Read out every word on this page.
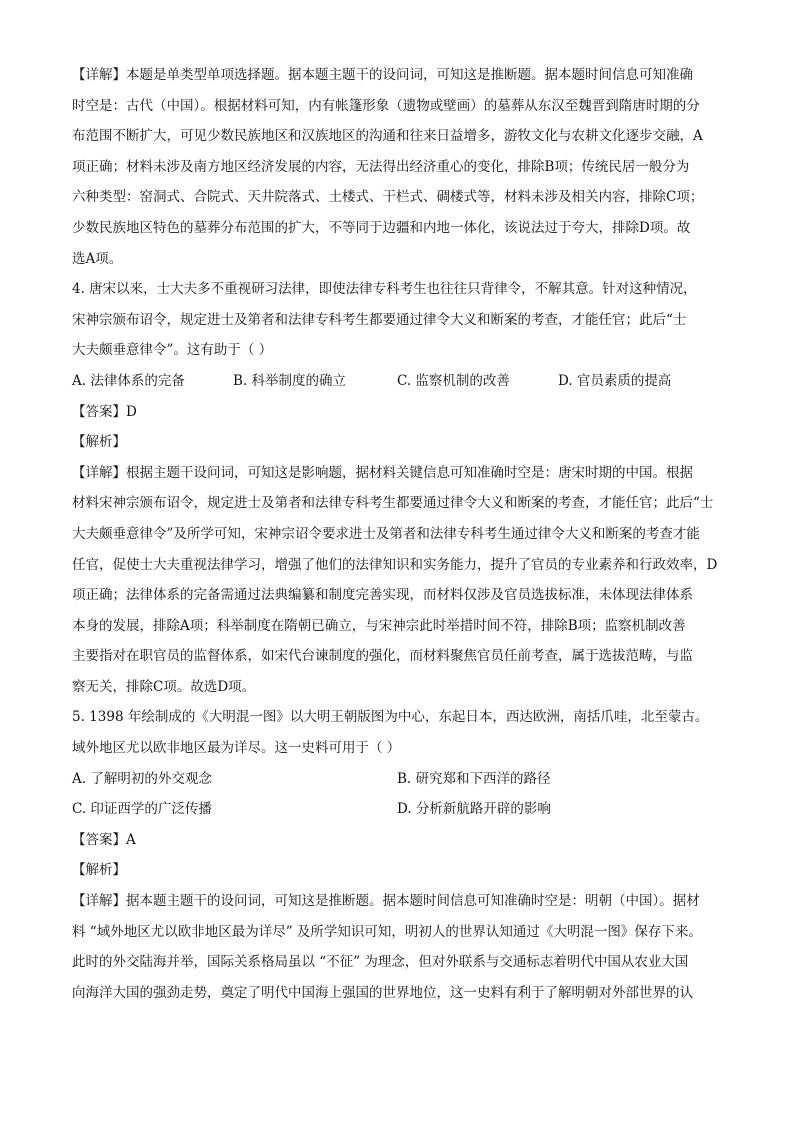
【详解】本题是单类型单项选择题。据本题主题干的设问词，可知这是推断题。据本题时间信息可知准确

时空是：古代（中国）。根据材料可知，内有帐篷形象（遗物或壁画）的墓葬从东汉至魏晋到隋唐时期的分

布范围不断扩大，可见少数民族地区和汉族地区的沟通和往来日益增多，游牧文化与农耕文化逐步交融，A

项正确；材料未涉及南方地区经济发展的内容，无法得出经济重心的变化，排除B项；传统民居一般分为

六种类型：窑洞式、合院式、天井院落式、土楼式、干栏式、碉楼式等，材料未涉及相关内容，排除C项；

少数民族地区特色的墓葬分布范围的扩大，不等同于边疆和内地一体化，该说法过于夸大，排除D项。故

选A项。

4. 唐宋以来，士大夫多不重视研习法律，即使法律专科考生也往往只背律令，不解其意。针对这种情况，

宋神宗颁布诏令，规定进士及第者和法律专科考生都要通过律令大义和断案的考查，才能任官；此后“士

大夫颇垂意律令”。这有助于（ ）

A. 法律体系的完备	B. 科举制度的确立	C. 监察机制的改善	D. 官员素质的提高

【答案】D

【解析】

【详解】根据主题干设问词，可知这是影响题，据材料关键信息可知准确时空是：唐宋时期的中国。根据

材料宋神宗颁布诏令，规定进士及第者和法律专科考生都要通过律令大义和断案的考查，才能任官；此后“士

大夫颇垂意律令”及所学可知，宋神宗诏令要求进士及第者和法律专科考生通过律令大义和断案的考查才能

任官，促使士大夫重视法律学习，增强了他们的法律知识和实务能力，提升了官员的专业素养和行政效率，D

项正确；法律体系的完备需通过法典编纂和制度完善实现，而材料仅涉及官员选拔标准，未体现法律体系

本身的发展，排除A项；科举制度在隋朝已确立，与宋神宗此时举措时间不符，排除B项；监察机制改善

主要指对在职官员的监督体系，如宋代台谏制度的强化，而材料聚焦官员任前考查，属于选拔范畴，与监

察无关，排除C项。故选D项。

5. 1398 年绘制成的《大明混一图》以大明王朝版图为中心，东起日本，西达欧洲，南括爪哇，北至蒙古。

域外地区尤以欧非地区最为详尽。这一史料可用于（ ）

A. 了解明初的外交观念	B. 研究郑和下西洋的路径
C. 印证西学的广泛传播	D. 分析新航路开辟的影响

【答案】A

【解析】

【详解】据本题主题干的设问词，可知这是推断题。据本题时间信息可知准确时空是：明朝（中国）。据材

料 “域外地区尤以欧非地区最为详尽” 及所学知识可知，明初人的世界认知通过《大明混一图》保存下来。

此时的外交陆海并举，国际关系格局虽以 “不征” 为理念，但对外联系与交通标志着明代中国从农业大国

向海洋大国的强劲走势，奠定了明代中国海上强国的世界地位，这一史料有利于了解明朝对外部世界的认
